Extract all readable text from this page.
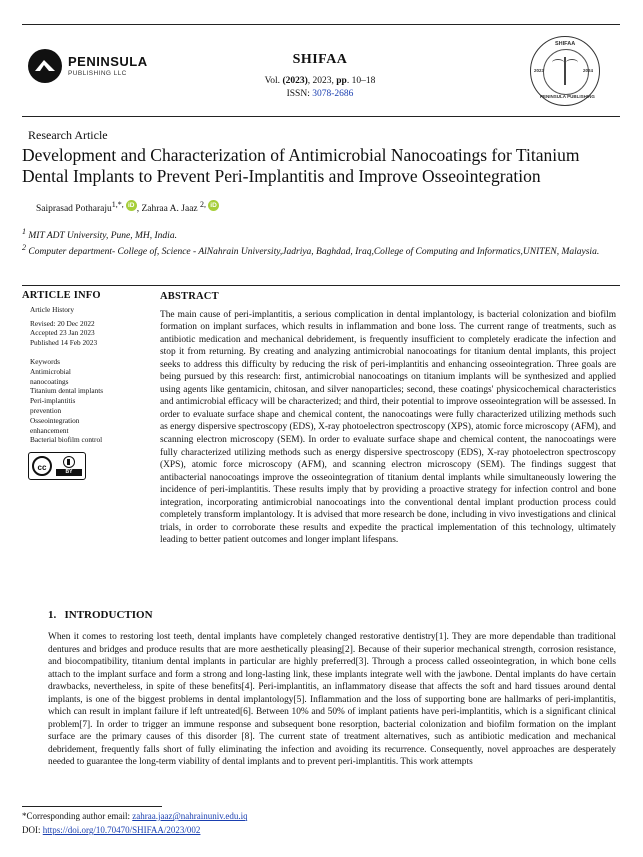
PENINSULA
PUBLISHING LLC
SHIFAA
Vol. (2023), 2023, pp. 10–18
ISSN: 3078-2686
SHIFAA
2023	2024
PENINSULA PUBLISHING
Research Article
Development and Characterization of Antimicrobial Nanocoatings for Titanium Dental Implants to Prevent Peri-Implantitis and Improve Osseointegration
Saiprasad Potharaju$^{1,*,}$ iD , Zahraa A. Jaaz $^{2,}$ iD
$^1$ MIT ADT University, Pune, MH, India.
$^2$ Computer department- College of, Science - AlNahrain University,Jadriya, Baghdad, Iraq,College of Computing and Informatics,UNITEN, Malaysia.
ARTICLE INFO
Article History
Revised: 20 Dec 2022
Accepted 23 Jan 2023
Published 14 Feb 2023
Keywords
Antimicrobial
nanocoatings
Titanium dental implants
Peri-implantitis
prevention
Osseointegration
enhancement
Bacterial biofilm control
cc	BY
ABSTRACT
The main cause of peri-implantitis, a serious complication in dental implantology, is bacterial colonization and biofilm formation on implant surfaces, which results in inflammation and bone loss. The current range of treatments, such as antibiotic medication and mechanical debridement, is frequently insufficient to completely eradicate the infection and stop it from returning. By creating and analyzing antimicrobial nanocoatings for titanium dental implants, this project seeks to address this difficulty by reducing the risk of peri-implantitis and enhancing osseointegration. Three goals are being pursued by this research: first, antimicrobial nanocoatings on titanium implants will be synthesized and applied using agents like gentamicin, chitosan, and silver nanoparticles; second, these coatings' physicochemical characteristics and antimicrobial efficacy will be characterized; and third, their potential to improve osseointegration will be assessed. In order to evaluate surface shape and chemical content, the nanocoatings were fully characterized utilizing methods such as energy dispersive spectroscopy (EDS), X-ray photoelectron spectroscopy (XPS), atomic force microscopy (AFM), and scanning electron microscopy (SEM). In order to evaluate surface shape and chemical content, the nanocoatings were fully characterized utilizing methods such as energy dispersive spectroscopy (EDS), X-ray photoelectron spectroscopy (XPS), atomic force microscopy (AFM), and scanning electron microscopy (SEM). The findings suggest that antibacterial nanocoatings improve the osseointegration of titanium dental implants while simultaneously lowering the incidence of peri-implantitis. These results imply that by providing a proactive strategy for infection control and bone integration, incorporating antimicrobial nanocoatings into the conventional dental implant production process could completely transform implantology. It is advised that more research be done, including in vivo investigations and clinical trials, in order to corroborate these results and expedite the practical implementation of this technology, ultimately leading to better patient outcomes and longer implant lifespans.
1.   INTRODUCTION
When it comes to restoring lost teeth, dental implants have completely changed restorative dentistry[1]. They are more dependable than traditional dentures and bridges and produce results that are more aesthetically pleasing[2]. Because of their superior mechanical strength, corrosion resistance, and biocompatibility, titanium dental implants in particular are highly preferred[3]. Through a process called osseointegration, in which bone cells attach to the implant surface and form a strong and long-lasting link, these implants integrate well with the jawbone. Dental implants do have certain drawbacks, nevertheless, in spite of these benefits[4]. Peri-implantitis, an inflammatory disease that affects the soft and hard tissues around dental implants, is one of the biggest problems in dental implantology[5]. Inflammation and the loss of supporting bone are hallmarks of peri-implantitis, which can result in implant failure if left untreated[6]. Between 10% and 50% of implant patients have peri-implantitis, which is a significant clinical problem[7]. In order to trigger an immune response and subsequent bone resorption, bacterial colonization and biofilm formation on the implant surface are the primary causes of this disorder [8]. The current state of treatment alternatives, such as antibiotic medication and mechanical debridement, frequently falls short of fully eliminating the infection and avoiding its recurrence. Consequently, novel approaches are desperately needed to guarantee the long-term viability of dental implants and to prevent peri-implantitis. This work attempts
*Corresponding author email: zahraa.jaaz@nahrainuniv.edu.iq
DOI: https://doi.org/10.70470/SHIFAA/2023/002
